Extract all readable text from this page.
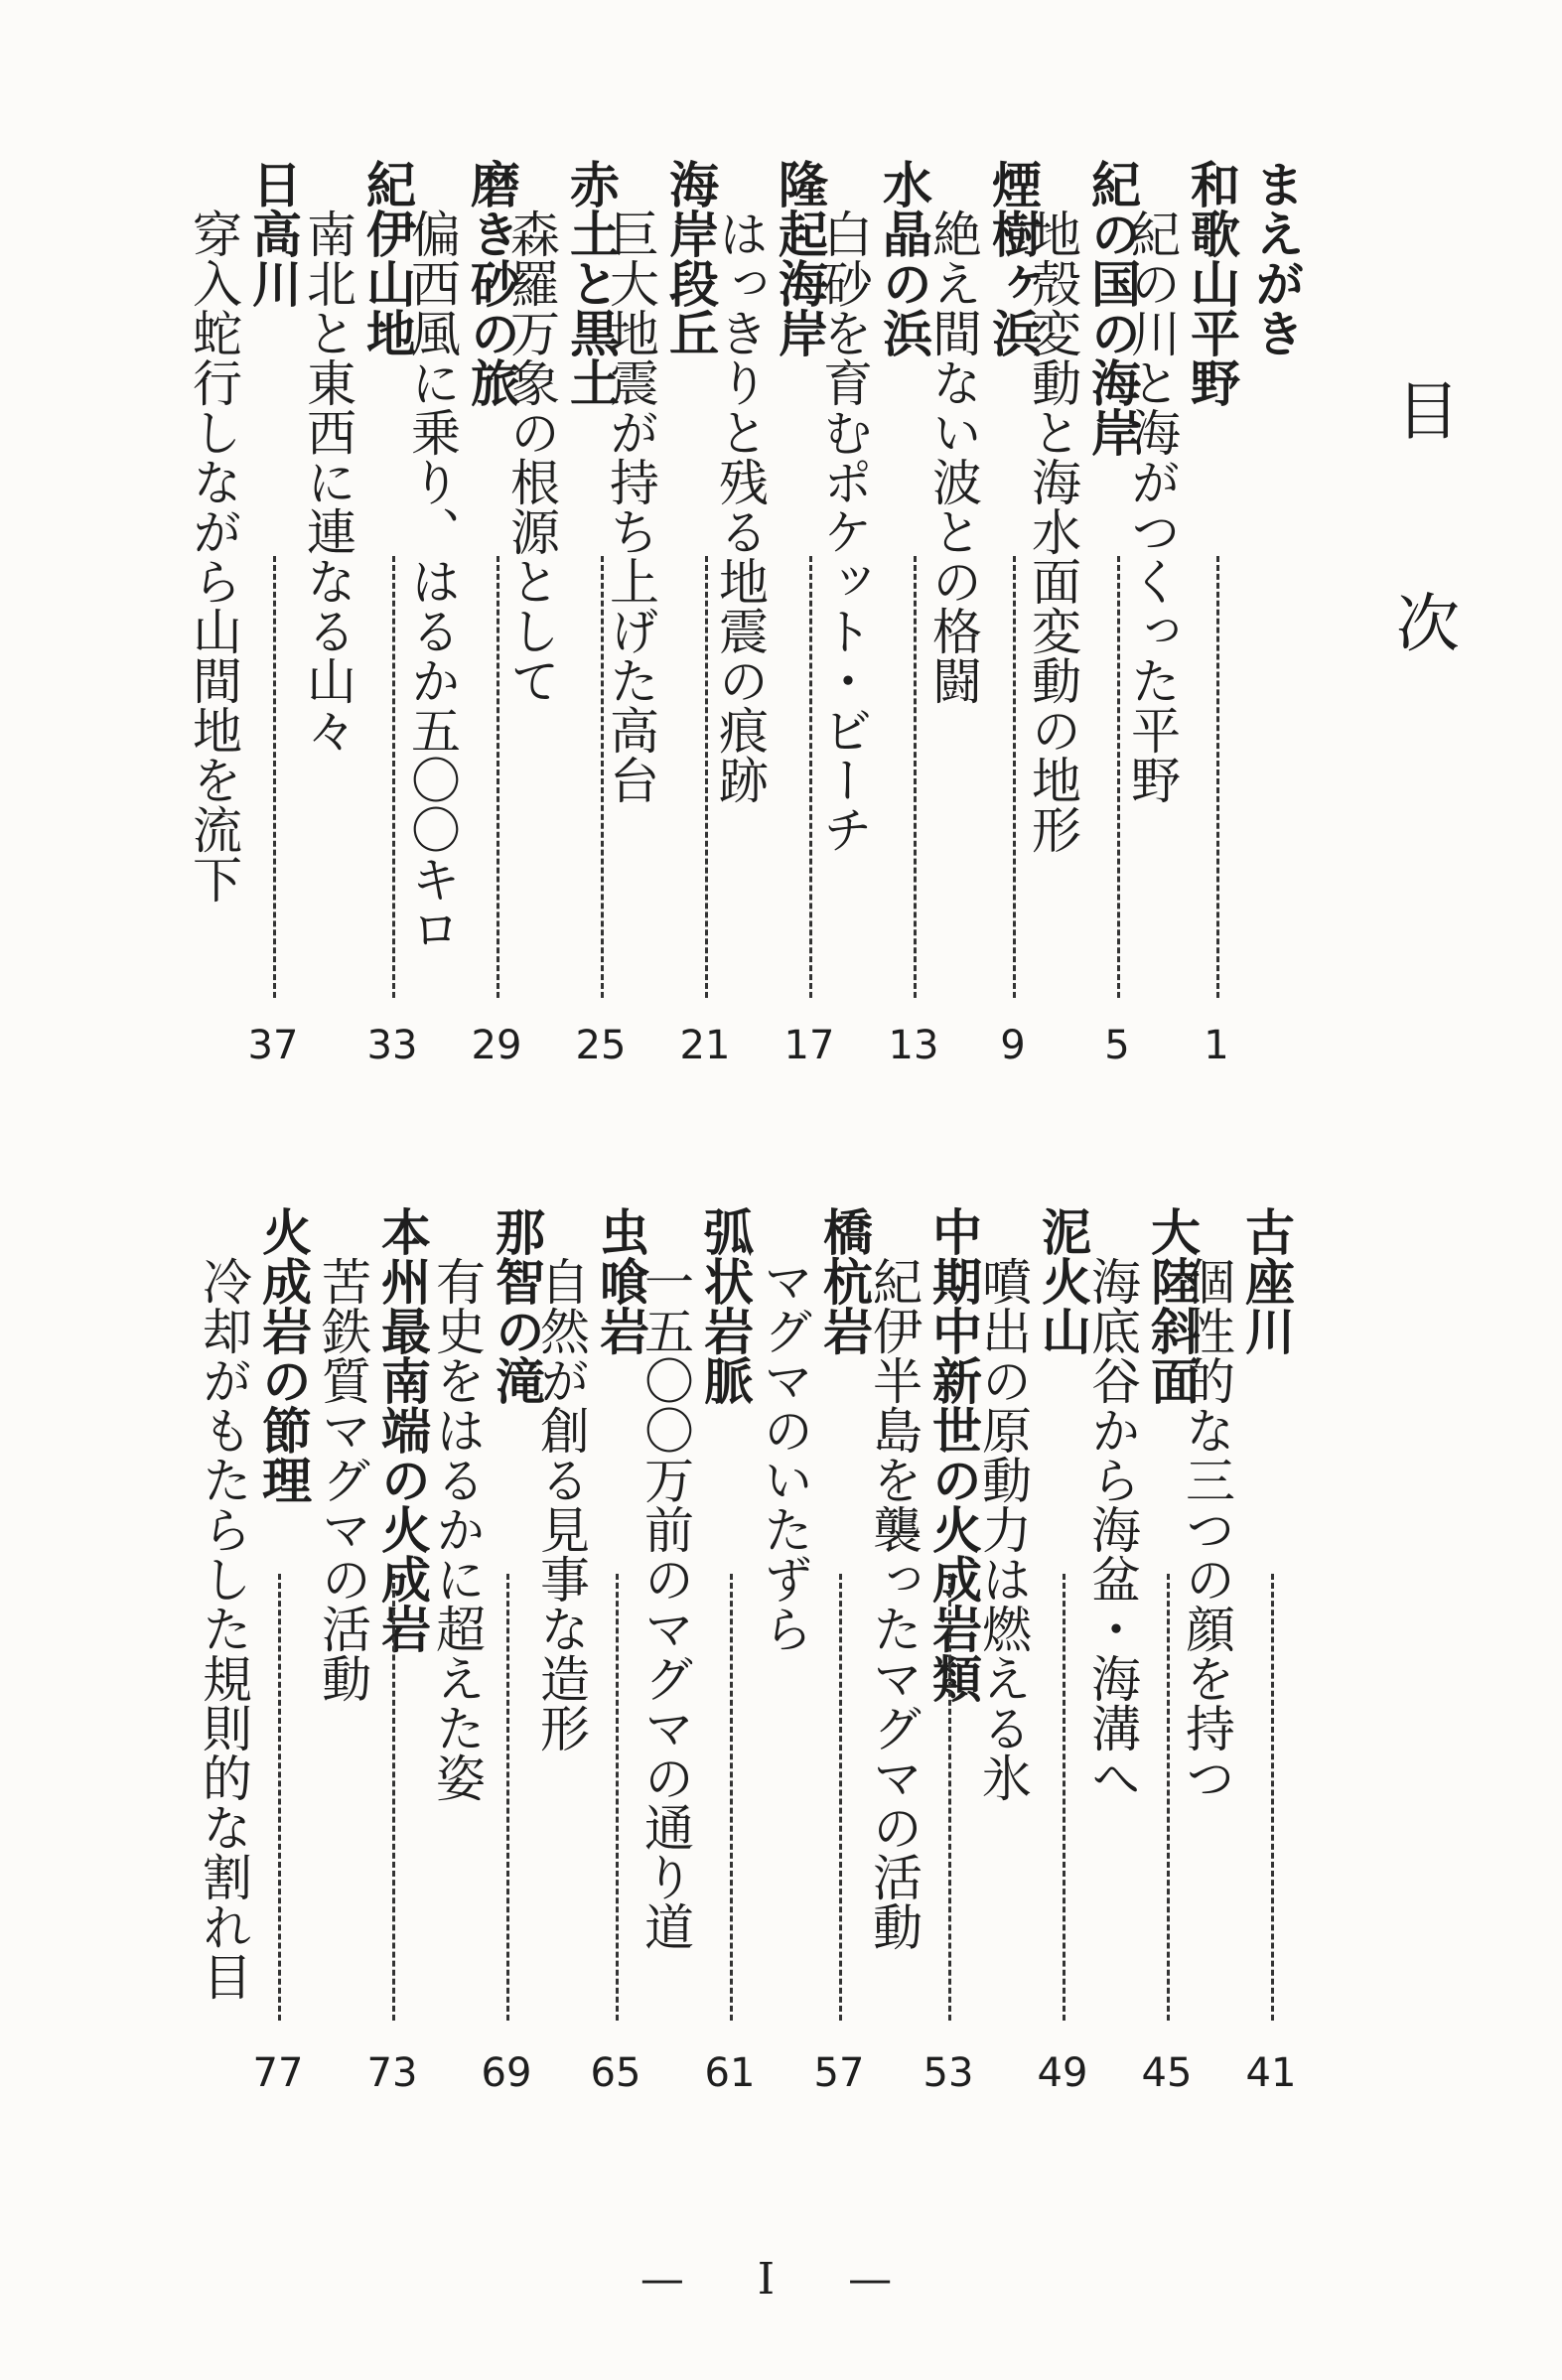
目次
まえがき
和歌山平野
紀の川と海がつくった平野
1
紀の国の海岸
地殻変動と海水面変動の地形
5
煙樹ヶ浜
絶え間ない波との格闘
9
水晶の浜
白砂を育むポケット・ビーチ
13
隆起海岸
はっきりと残る地震の痕跡
17
海岸段丘
巨大地震が持ち上げた高台
21
赤土と黒土
森羅万象の根源として
25
磨き砂の旅
偏西風に乗り、はるか五〇〇キロ
29
紀伊山地
南北と東西に連なる山々
33
日高川
穿入蛇行しながら山間地を流下
37
古座川
個性的な三つの顔を持つ
41
大陸斜面
海底谷から海盆・海溝へ
45
泥火山
噴出の原動力は燃える氷
49
中期中新世の火成岩類
紀伊半島を襲ったマグマの活動
53
橋杭岩
マグマのいたずら
57
弧状岩脈
一五〇〇万前のマグマの通り道
61
虫喰岩
自然が創る見事な造形
65
那智の滝
有史をはるかに超えた姿
69
本州最南端の火成岩
苦鉄質マグマの活動
73
火成岩の節理
冷却がもたらした規則的な割れ目
77
— I —
